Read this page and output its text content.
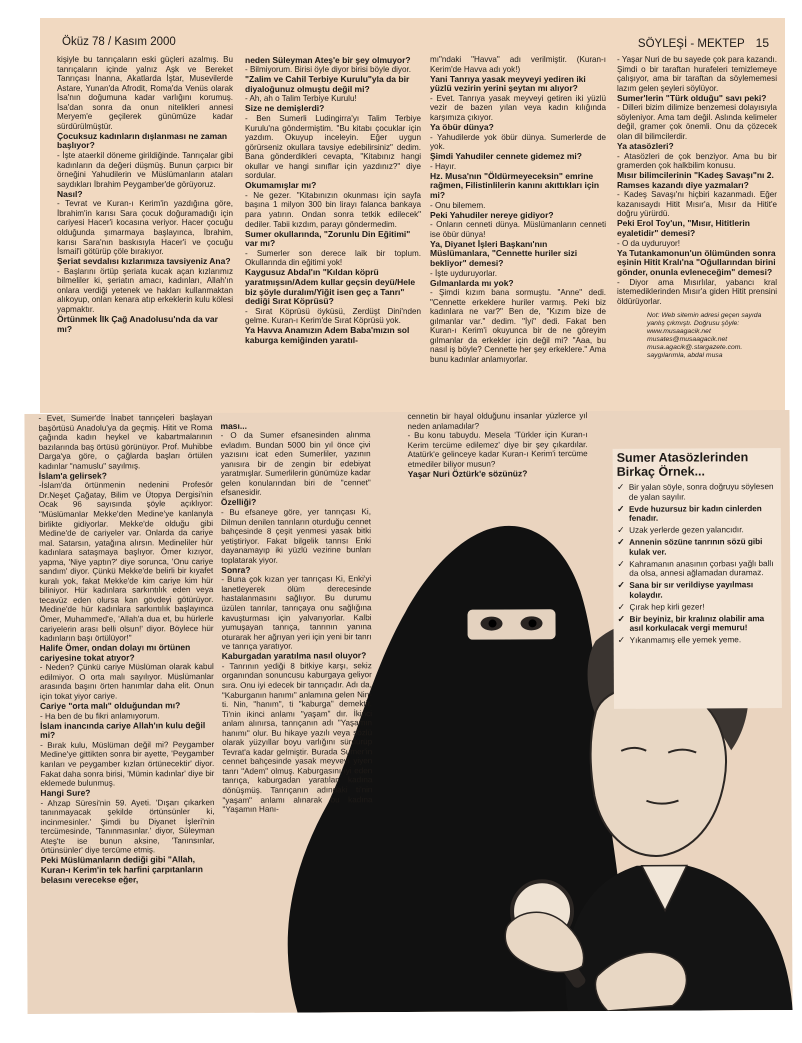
Öküz 78 / Kasım 2000	SÖYLEŞİ - MEKTEP 15
kişiyle bu tanrıçaların eski güçleri azalmış. Bu tanrıçaların içinde yalnız Aşk ve Bereket Tanrıçası İnanna, Akatlarda İştar, Musevilerde Astare, Yunan'da Afrodit, Roma'da Venüs olarak İsa'nın doğumuna kadar varlığını korumuş. İsa'dan sonra da onun nitelikleri annesi Meryem'e geçilerek günümüze kadar sürdürülmüştür.
Çocuksuz kadınların dışlanması ne zaman başlıyor?
- İşte ataerkil döneme girildiğinde. Tanrıçalar gibi kadınların da değeri düşmüş. Bunun çarpıcı bir örneğini Yahudilerin ve Müslümanların ataları saydıkları İbrahim Peygamber'de görüyoruz.
Nasıl?
- Tevrat ve Kuran-ı Kerim'in yazdığına göre, İbrahim'in karısı Sara çocuk doğuramadığı için cariyesi Hacer'i kocasına veriyor. Hacer çocuğu olduğunda şımarmaya başlayınca, İbrahim, karısı Sara'nın baskısıyla Hacer'i ve çocuğu İsmail'i götürüp çöle bırakıyor.
Şeriat sevdalısı kızlarımıza tavsiyeniz Ana?
- Başlarını örtüp şeriata kucak açan kızlarımız bilmeliler ki, şeriatın amacı, kadınları, Allah'ın onlara verdiği yetenek ve hakları kullanmaktan alıkoyup, onları kenara atıp erkeklerin kulu kölesi yapmaktır.
Örtünmek İlk Çağ Anadolusu'nda da var mı?
neden Süleyman Ateş'e bir şey olmuyor?
- Bilmiyorum. Birisi öyle diyor birisi böyle diyor.
"Zalim ve Cahil Terbiye Kurulu"yla da bir diyaloğunuz olmuştu değil mi?
- Ah, ah o Talim Terbiye Kurulu!
Size ne demişlerdi?
- Ben Sumerli Ludingirra'yı Talim Terbiye Kurulu'na göndermiştim. "Bu kitabı çocuklar için yazdım. Okuyup inceleyin. Eğer uygun görürseniz okullara tavsiye edebilirsiniz" dedim. Bana gönderdikleri cevapta, "Kitabınız hangi okullar ve hangi sınıflar için yazdınız?" diye sordular.
Okumamışlar mı?
- Ne gezer. "Kitabınızın okunması için sayfa başına 1 milyon 300 bin lirayı falanca bankaya para yatırın. Ondan sonra tetkik edilecek" dediler. Tabii kızdım, parayı göndermedim.
Sumer okullarında, "Zorunlu Din Eğitimi" var mı?
- Sumerler son derece laik bir toplum. Okullarında din eğitimi yok!
Kaygusuz Abdal'ın "Kıldan köprü yaratmışsın/Adem kullar geçsin deyü/Hele biz şöyle duralım/Yiğit isen geç a Tanrı" dediği Sırat Köprüsü?
- Sırat Köprüsü öyküsü, Zerdüşt Dini'nden gelme. Kuran-ı Kerim'de Sırat Köprüsü yok.
Ya Havva Anamızın Adem Baba'mızın sol kaburga kemiğinden yaratıl-
mı"ndaki "Havva" adı verilmiştir. (Kuran-ı Kerim'de Havva adı yok!)
Yani Tanrıya yasak meyveyi yediren iki yüzlü vezirin yerini şeytan mı alıyor?
- Evet. Tanrıya yasak meyveyi getiren iki yüzlü vezir de bazen yılan veya kadın kılığında karşımıza çıkıyor.
Ya öbür dünya?
- Yahudilerde yok öbür dünya. Sumerlerde de yok.
Şimdi Yahudiler cennete gidemez mi?
- Hayır.
Hz. Musa'nın "Öldürmeyeceksin" emrine rağmen, Filistinlilerin kanını akıttıkları için mi?
- Onu bilemem.
Peki Yahudiler nereye gidiyor?
- Onların cenneti dünya. Müslümanların cenneti ise öbür dünya!
Ya, Diyanet İşleri Başkanı'nın Müslümanlara, "Cennette huriler sizi bekliyor" demesi?
- İşte uyduruyorlar.
Gılmanlarda mı yok?
- Şimdi kızım bana sormuştu. "Anne" dedi. "Cennette erkeklere huriler varmış. Peki biz kadınlara ne var?" Ben de, "Kızım bize de gılmanlar var." dedim. "İyi" dedi. Fakat ben Kuran-ı Kerim'i okuyunca bir de ne göreyim gılmanlar da erkekler için değil mi? "Aaa, bu nasıl iş böyle? Cennette her şey erkeklere." Ama bunu kadınlar anlamıyorlar.
- Yaşar Nuri de bu sayede çok para kazandı. Şimdi o bir taraftan hurafeleri temizlemeye çalışıyor, ama bir taraftan da söylememesi lazım gelen şeyleri söylüyor.
Sumer'lerin "Türk olduğu" savı peki?
- Dilleri bizim dilimize benzemesi dolayısıyla söyleniyor. Ama tam değil. Aslında kelimeler değil, gramer çok önemli. Onu da çözecek olan dil bilimcilerdir.
Ya atasözleri?
- Atasözleri de çok benziyor. Ama bu bir gramerden çok halkbilim konusu.
Mısır bilimcilerinin "Kadeş Savaşı"nı 2. Ramses kazandı diye yazmaları?
- Kadeş Savaşı'nı hiçbiri kazanmadı. Eğer kazanısaydı Hitit Mısır'a, Mısır da Hitit'e doğru yürürdü.
Peki Erol Toy'un, "Mısır, Hititlerin eyaletidir" demesi?
- O da uyduruyor!
Ya Tutankamonun'un ölümünden sonra eşinin Hitit Kralı'na "Oğullarından birini gönder, onunla evleneceğim" demesi?
- Diyor ama Mısırlılar, yabancı kral istemediklerinden Mısır'a giden Hitit prensini öldürüyorlar.
Not: Web sitemin adresi geçen sayıda yanlış çıkmıştı. Doğrusu şöyle: www.musaagacik.net musates@musaagacik.net musa.agacik@.stargazete.com. saygılarımla, abdal musa
- Evet, Sumer'de İnabet tanrıçeleri başlayan başörtüsü Anadolu'ya da geçmiş. Hitit ve Roma çağında kadın heykel ve kabartmalarının bazılarında baş örtüsü görünüyor. Prof. Muhibbe Darga'ya göre, o çağlarda başları örtülen kadınlar "namuslu" sayılmış.
İslam'a gelirsek?
-İslam'da örtünmenin nedenini Profesör Dr.Neşet Çağatay, Bilim ve Ütopya Dergisi'nin Ocak 96 sayısında şöyle açıklıyor: "Müslümanlar Mekke'den Medine'ye kanlanyla birlikte gidiyorlar. Mekke'de olduğu gibi Medine'de de cariyeler var. Onlarda da cariye mal. Satarsın, yatağına alırsın. Medineliler hür kadınlara sataşmaya başlıyor. Ömer kızıyor, yapma, 'Niye yaptın?' diye sorunca, 'Onu cariye sandım' diyor. Çünkü Mekke'de belirli bir kıyafet kuralı yok, fakat Mekke'de kim cariye kim hür biliniyor. Hür kadınlara sarkıntılık eden veya tecavüz eden olursa kan gövdeyi götürüyor. Medine'de hür kadınlara sarkıntılık başlayınca Ömer, Muhammed'e, 'Allah'a dua et, bu hürlerle cariyelerin arası belli olsun!' diyor. Böylece hür kadınların başı örtülüyor!"
Halife Ömer, ondan dolayı mı örtünen cariyesine tokat atıyor?
- Neden? Çünkü cariye Müslüman olarak kabul edilmiyor. O orta malı sayılıyor. Müslümanlar arasında başını örten hanımlar daha elit. Onun için tokat yiyor cariye.
Cariye "orta malı" olduğundan mı?
- Ha ben de bu fikri anlamıyorum.
İslam inancında cariye Allah'ın kulu değil mi?
- Bırak kulu, Müslüman değil mi? Peygamber Medine'ye gittikten sonra bir ayette, 'Peygamber karıları ve peygamber kızları örtünecektir' diyor. Fakat daha sonra birisi, 'Mümin kadınlar' diye bir eklemede bulunmuş.
Hangi Sure?
- Ahzap Süresi'nin 59. Ayeti. 'Dışarı çıkarken tanınmayacak şekilde örtünsünler ki, incinmesinler.' Şimdi bu Diyanet İşleri'nin tercümesinde, 'Tanınmasınlar.' diyor, Süleyman Ateş'te ise bunun aksine, 'Tanınsınlar, örtünsünler' diye tercüme etmiş.
Peki Müslümanların dediği gibi "Allah, Kuran-ı Kerim'in tek harfini çarpıtanların belasını verecekse eğer,
ması...
- O da Sumer efsanesinden alınma evladım. Bundan 5000 bin yıl önce çivi yazısını icat eden Sumerliler, yazının yanısıra bir de zengin bir edebiyat yaratmışlar. Sumerlilerin günümüze kadar gelen konularından biri de "cennet" efsanesidir.
Özelliği?
- Bu efsaneye göre, yer tanrıçası Ki, Dilmun denilen tanrıların oturduğu cennet bahçesinde 8 çeşit yenmesi yasak bitki yetiştiriyor. Fakat bilgelik tanrısı Enki dayanamayıp iki yüzlü vezirine bunları toplatarak yiyor.
Sonra?
- Buna çok kızan yer tanrıçası Ki, Enki'yi lanetleyerek ölüm derecesinde hastalanmasını sağlıyor. Bu durumu üzülen tanrılar, tanrıçaya onu sağlığına kavuşturması için yalvarıyorlar. Kalbi yumuşayan tanrıça, tanrının yanına oturarak her ağrıyan yeri için yeni bir tanrı ve tanrıça yaratıyor.
Kaburgadan yaratılma nasıl oluyor?
- Tanrının yediği 8 bitkiye karşı, sekiz organından sonuncusu kaburgaya geliyor sıra. Onu iyi edecek bir tanrıçadır. Adı da, "Kaburganın hanımı" anlamına gelen Nin-ti. Nin, "hanım", ti "kaburga" demektir. Ti'nin ikinci anlamı "yaşam" dır. İkinci anlam alınırsa, tanrıçanın adı "Yaşamın hanımı" olur. Bu hikaye yazılı veya sözlü olarak yüzyıllar boyu varlığını sürdürüp Tevrat'a kadar gelmiştir. Burada Sumer'in cennet bahçesinde yasak meyveyi yiyen tanrı "Adem" olmuş. Kaburgasını iyi eden tanrıça, kaburgadan yaratılan kadına dönüşmüş. Tanrıçanın adındaki ti'nin "yaşam" anlamı alınarak bu kadına "Yaşamın Hanı-
cennetin bir hayal olduğunu insanlar yüzlerce yıl neden anlamadılar?
- Bu konu tabuydu. Mesela 'Türkler için Kuran-ı Kerim tercüme edilemez' diye bir şey çıkardılar. Atatürk'e gelinceye kadar Kuran-ı Kerim'i tercüme etmediler biliyor musun?
Yaşar Nuri Öztürk'e sözünüz?
Sumer Atasözlerinden Birkaç Örnek...
✓ Bir yalan söyle, sonra doğruyu söylesen de yalan sayılır.
✓ Evde huzursuz bir kadın cinlerden fenadır.
✓ Uzak yerlerde gezen yalancıdır.
✓ Annenin sözüne tanrının sözü gibi kulak ver.
✓ Kahramanın anasının çorbası yağlı ballı da olsa, annesi ağlamadan duramaz.
✓ Sana bir sır verildiyse yayılması kolaydır.
✓ Çırak hep kirli gezer!
✓ Bir beyiniz, bir kralınız olabilir ama asıl korkulacak vergi memuru!
✓ Yıkanmamış elle yemek yeme.
